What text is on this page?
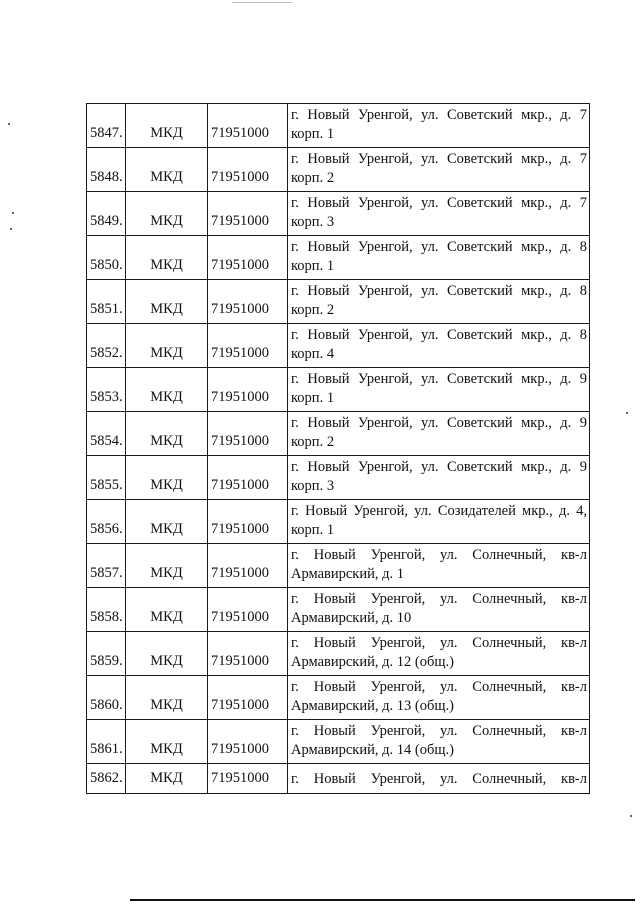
5847.	МКД	71951000	г. Новый Уренгой, ул. Советский мкр., д. 7 корп. 1
5848.	МКД	71951000	г. Новый Уренгой, ул. Советский мкр., д. 7 корп. 2
5849.	МКД	71951000	г. Новый Уренгой, ул. Советский мкр., д. 7 корп. 3
5850.	МКД	71951000	г. Новый Уренгой, ул. Советский мкр., д. 8 корп. 1
5851.	МКД	71951000	г. Новый Уренгой, ул. Советский мкр., д. 8 корп. 2
5852.	МКД	71951000	г. Новый Уренгой, ул. Советский мкр., д. 8 корп. 4
5853.	МКД	71951000	г. Новый Уренгой, ул. Советский мкр., д. 9 корп. 1
5854.	МКД	71951000	г. Новый Уренгой, ул. Советский мкр., д. 9 корп. 2
5855.	МКД	71951000	г. Новый Уренгой, ул. Советский мкр., д. 9 корп. 3
5856.	МКД	71951000	г. Новый Уренгой, ул. Созидателей мкр., д. 4, корп. 1
5857.	МКД	71951000	г. Новый Уренгой, ул. Солнечный, кв-л Армавирский, д. 1
5858.	МКД	71951000	г. Новый Уренгой, ул. Солнечный, кв-л Армавирский, д. 10
5859.	МКД	71951000	г. Новый Уренгой, ул. Солнечный, кв-л Армавирский, д. 12 (общ.)
5860.	МКД	71951000	г. Новый Уренгой, ул. Солнечный, кв-л Армавирский, д. 13 (общ.)
5861.	МКД	71951000	г. Новый Уренгой, ул. Солнечный, кв-л Армавирский, д. 14 (общ.)
5862.	МКД	71951000	г. Новый Уренгой, ул. Солнечный, кв-л
